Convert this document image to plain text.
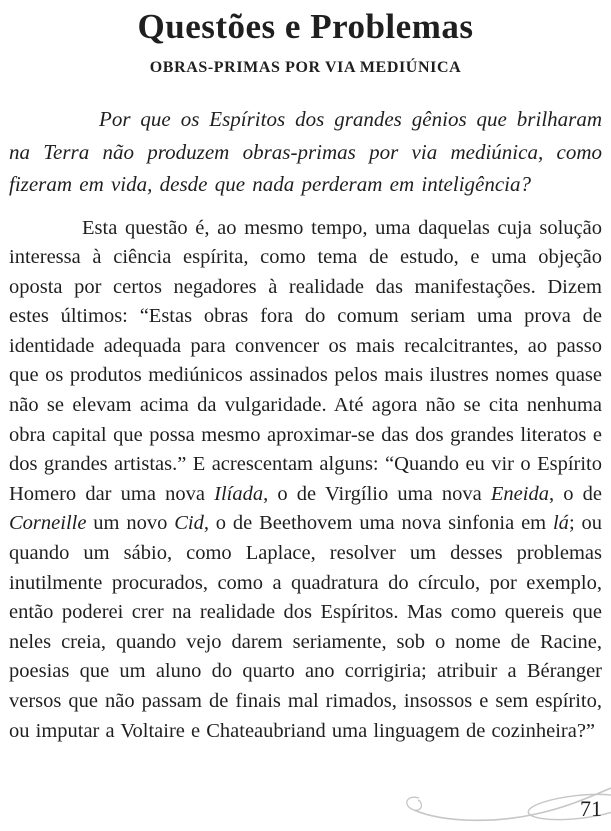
Questões e Problemas
OBRAS-PRIMAS POR VIA MEDIÚNICA

Por que os Espíritos dos grandes gênios que brilharam na Terra não produzem obras-primas por via mediúnica, como fizeram em vida, desde que nada perderam em inteligência?

Esta questão é, ao mesmo tempo, uma daquelas cuja solução interessa à ciência espírita, como tema de estudo, e uma objeção oposta por certos negadores à realidade das manifestações. Dizem estes últimos: “Estas obras fora do comum seriam uma prova de identidade adequada para convencer os mais recalcitrantes, ao passo que os produtos mediúnicos assinados pelos mais ilustres nomes quase não se elevam acima da vulgaridade. Até agora não se cita nenhuma obra capital que possa mesmo aproximar-se das dos grandes literatos e dos grandes artistas.” E acrescentam alguns: “Quando eu vir o Espírito Homero dar uma nova Ilíada, o de Virgílio uma nova Eneida, o de Corneille um novo Cid, o de Beethovem uma nova sinfonia em lá; ou quando um sábio, como Laplace, resolver um desses problemas inutilmente procurados, como a quadratura do círculo, por exemplo, então poderei crer na realidade dos Espíritos. Mas como quereis que neles creia, quando vejo darem seriamente, sob o nome de Racine, poesias que um aluno do quarto ano corrigiria; atribuir a Béranger versos que não passam de finais mal rimados, insossos e sem espírito, ou imputar a Voltaire e Chateaubriand uma linguagem de cozinheira?”

71
